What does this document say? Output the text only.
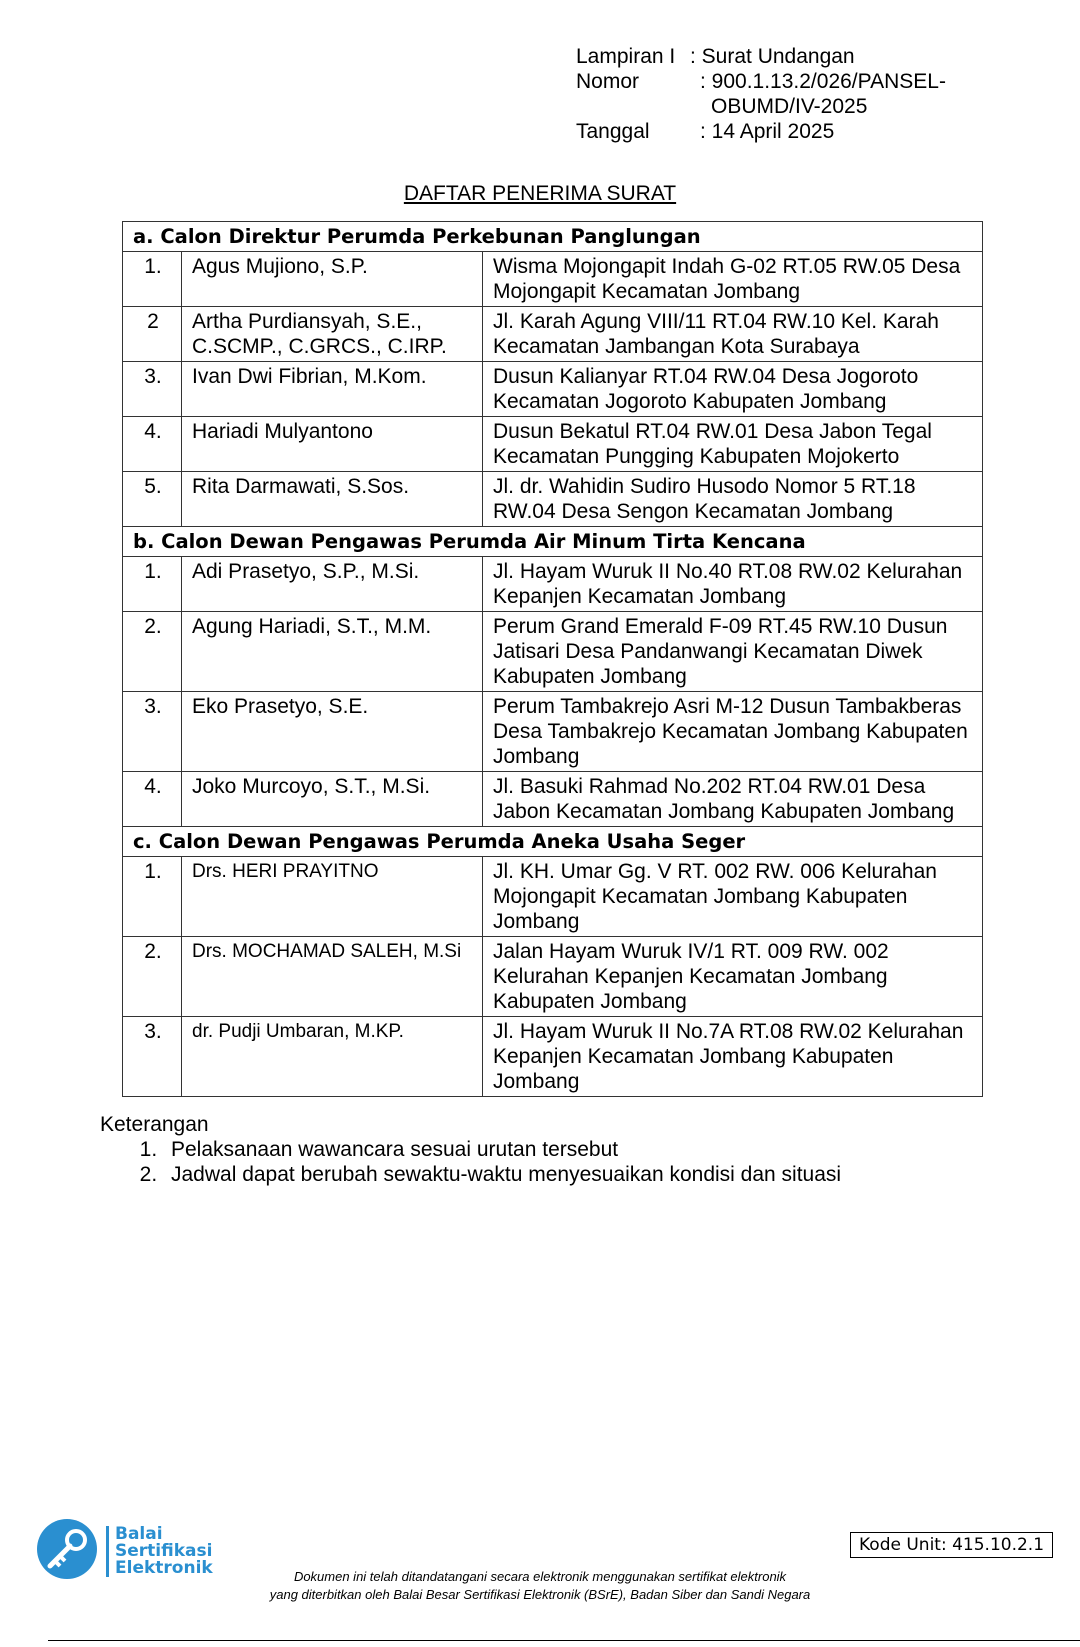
Lampiran I : Surat Undangan
Nomor	: 900.1.13.2/026/PANSEL-
OBUMD/IV-2025
Tanggal	: 14 April 2025
DAFTAR PENERIMA SURAT
a. Calon Direktur Perumda Perkebunan Panglungan		
1.	Agus Mujiono, S.P.	Wisma Mojongapit Indah G-02 RT.05 RW.05 Desa Mojongapit Kecamatan Jombang
2	Artha Purdiansyah, S.E., C.SCMP., C.GRCS., C.IRP.	Jl. Karah Agung VIII/11 RT.04 RW.10 Kel. Karah Kecamatan Jambangan Kota Surabaya
3.	Ivan Dwi Fibrian, M.Kom.	Dusun Kalianyar RT.04 RW.04 Desa Jogoroto Kecamatan Jogoroto Kabupaten Jombang
4.	Hariadi Mulyantono	Dusun Bekatul RT.04 RW.01 Desa Jabon Tegal Kecamatan Pungging Kabupaten Mojokerto
5.	Rita Darmawati, S.Sos.	Jl. dr. Wahidin Sudiro Husodo Nomor 5 RT.18 RW.04 Desa Sengon Kecamatan Jombang
b. Calon Dewan Pengawas Perumda Air Minum Tirta Kencana		
1.	Adi Prasetyo, S.P., M.Si.	Jl. Hayam Wuruk II No.40 RT.08 RW.02 Kelurahan Kepanjen Kecamatan Jombang
2.	Agung Hariadi, S.T., M.M.	Perum Grand Emerald F-09 RT.45 RW.10 Dusun Jatisari Desa Pandanwangi Kecamatan Diwek Kabupaten Jombang
3.	Eko Prasetyo, S.E.	Perum Tambakrejo Asri M-12 Dusun Tambakberas Desa Tambakrejo Kecamatan Jombang Kabupaten Jombang
4.	Joko Murcoyo, S.T., M.Si.	Jl. Basuki Rahmad No.202 RT.04 RW.01 Desa Jabon Kecamatan Jombang Kabupaten Jombang
c. Calon Dewan Pengawas Perumda Aneka Usaha Seger		
1.	Drs. HERI PRAYITNO	Jl. KH. Umar Gg. V RT. 002 RW. 006 Kelurahan Mojongapit Kecamatan Jombang Kabupaten Jombang
2.	Drs. MOCHAMAD SALEH, M.Si	Jalan Hayam Wuruk IV/1 RT. 009 RW. 002 Kelurahan Kepanjen Kecamatan Jombang Kabupaten Jombang
3.	dr. Pudji Umbaran, M.KP.	Jl. Hayam Wuruk II No.7A RT.08 RW.02 Kelurahan Kepanjen Kecamatan Jombang Kabupaten Jombang
Keterangan
1. Pelaksanaan wawancara sesuai urutan tersebut
2. Jadwal dapat berubah sewaktu-waktu menyesuaikan kondisi dan situasi
Balai
Sertifikasi
Elektronik
Kode Unit: 415.10.2.1
Dokumen ini telah ditandatangani secara elektronik menggunakan sertifikat elektronik
yang diterbitkan oleh Balai Besar Sertifikasi Elektronik (BSrE), Badan Siber dan Sandi Negara
